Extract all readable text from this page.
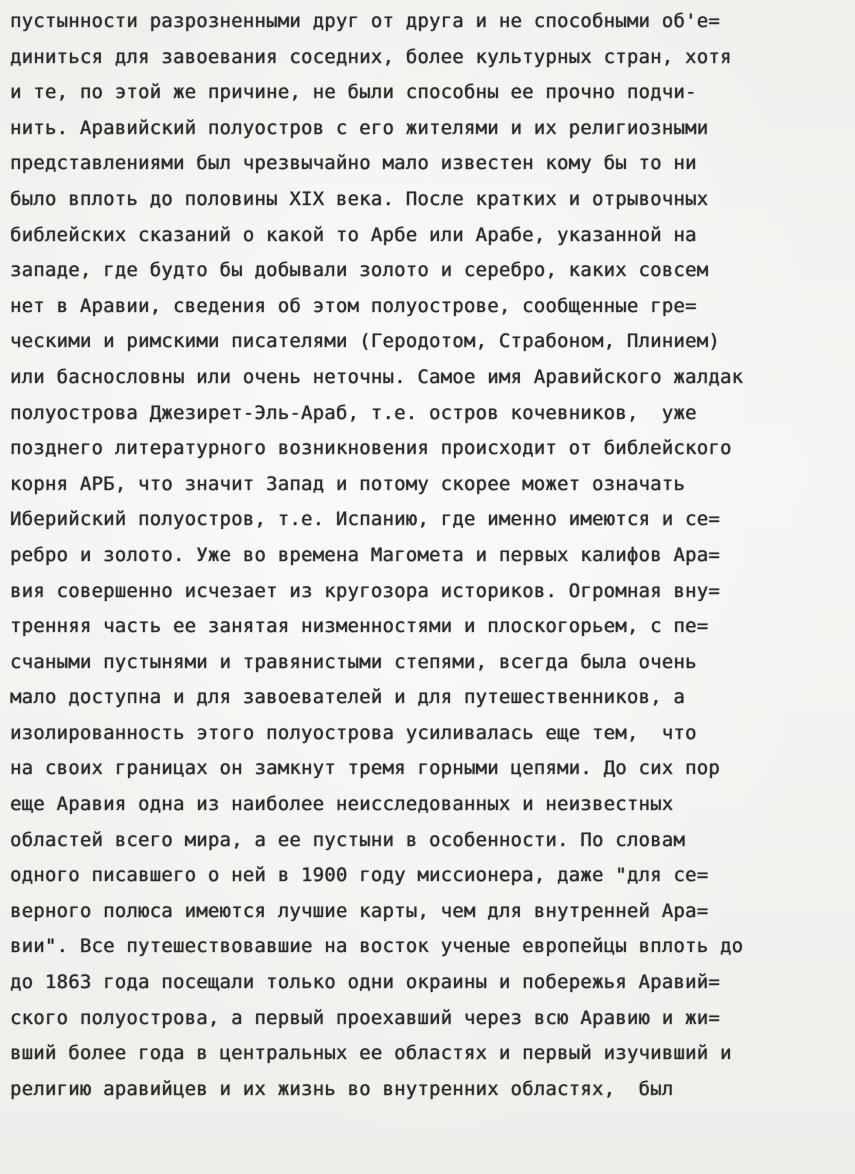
пустынности разрозненными друг от друга и не способными об'е=
диниться для завоевания соседних, более культурных стран, хотя
и те, по этой же причине, не были способны ее прочно подчи-
нить. Аравийский полуостров с его жителями и их религиозными
представлениями был чрезвычайно мало известен кому бы то ни
было вплоть до половины XIX века. После кратких и отрывочных
библейских сказаний о какой то Арбе или Арабе, указанной на
западе, где будто бы добывали золото и серебро, каких совсем
нет в Аравии, сведения об этом полуострове, сообщенные гре=
ческими и римскими писателями (Геродотом, Страбоном, Плинием)
или баснословны или очень неточны. Самое имя Аравийского жалдак
полуострова Джезирет-Эль-Араб, т.е. остров кочевников,  уже
позднего литературного возникновения происходит от библейского
корня АРБ, что значит Запад и потому скорее может означать
Иберийский полуостров, т.е. Испанию, где именно имеются и се=
ребро и золото. Уже во времена Магомета и первых калифов Ара=
вия совершенно исчезает из кругозора историков. Огромная вну=
тренняя часть ее занятая низменностями и плоскогорьем, с пе=
счаными пустынями и травянистыми степями, всегда была очень
мало доступна и для завоевателей и для путешественников, а
изолированность этого полуострова усиливалась еще тем,  что
на своих границах он замкнут тремя горными цепями. До сих пор
еще Аравия одна из наиболее неисследованных и неизвестных
областей всего мира, а ее пустыни в особенности. По словам
одного писавшего о ней в 1900 году миссионера, даже "для се=
верного полюса имеются лучшие карты, чем для внутренней Ара=
вии". Все путешествовавшие на восток ученые европейцы вплоть до
до 1863 года посещали только одни окраины и побережья Аравий=
ского полуострова, а первый проехавший через всю Аравию и жи=
вший более года в центральных ее областях и первый изучивший и
религию аравийцев и их жизнь во внутренних областях,  был
